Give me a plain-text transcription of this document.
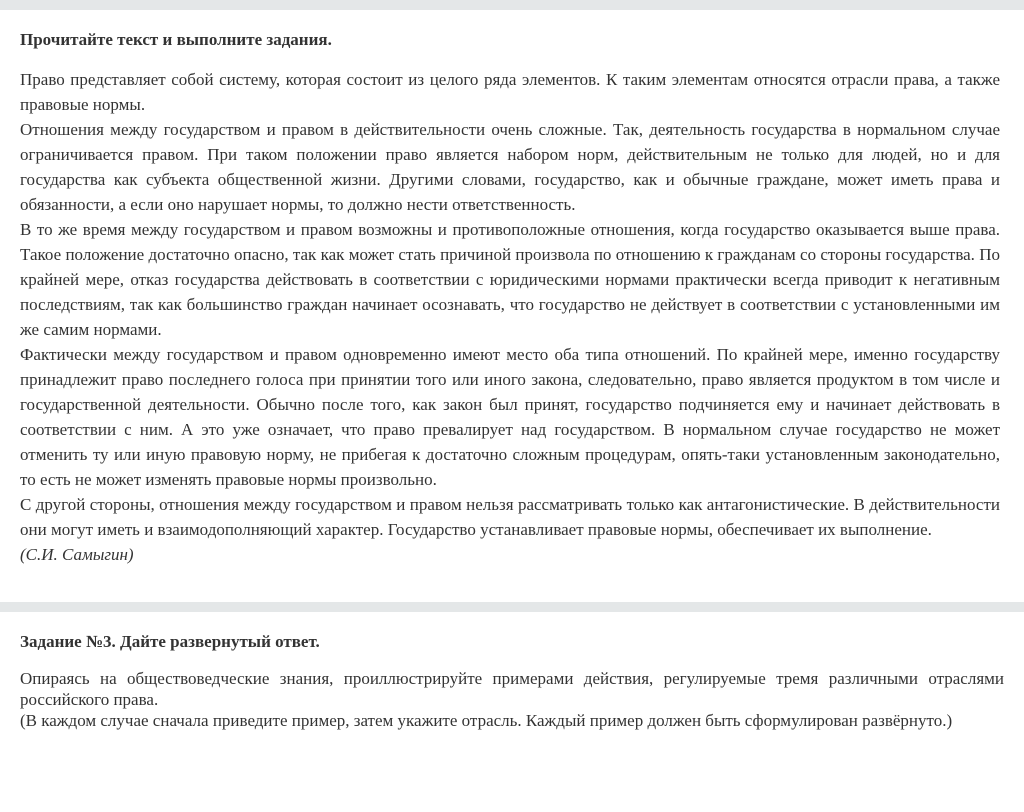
Прочитайте текст и выполните задания.

Право представляет собой систему, которая состоит из целого ряда элементов. К таким элементам относятся отрасли права, а также правовые нормы.

Отношения между государством и правом в действительности очень сложные. Так, деятельность государства в нормальном случае ограничивается правом. При таком положении право является набором норм, действительным не только для людей, но и для государства как субъекта общественной жизни. Другими словами, государство, как и обычные граждане, может иметь права и обязанности, а если оно нарушает нормы, то должно нести ответственность.

В то же время между государством и правом возможны и противоположные отношения, когда государство оказывается выше права. Такое положение достаточно опасно, так как может стать причиной произвола по отношению к гражданам со стороны государства. По крайней мере, отказ государства действовать в соответствии с юридическими нормами практически всегда приводит к негативным последствиям, так как большинство граждан начинает осознавать, что государство не действует в соответствии с установленными им же самим нормами.

Фактически между государством и правом одновременно имеют место оба типа отношений. По крайней мере, именно государству принадлежит право последнего голоса при принятии того или иного закона, следовательно, право является продуктом в том числе и государственной деятельности. Обычно после того, как закон был принят, государство подчиняется ему и начинает действовать в соответствии с ним. А это уже означает, что право превалирует над государством. В нормальном случае государство не может отменить ту или иную правовую норму, не прибегая к достаточно сложным процедурам, опять-таки установленным законодательно, то есть не может изменять правовые нормы произвольно.

С другой стороны, отношения между государством и правом нельзя рассматривать только как антагонистические. В действительности они могут иметь и взаимодополняющий характер. Государство устанавливает правовые нормы, обеспечивает их выполнение.

(С.И. Самыгин)

Задание №3. Дайте развернутый ответ.

Опираясь на обществоведческие знания, проиллюстрируйте примерами действия, регулируемые тремя различными отраслями российского права.

(В каждом случае сначала приведите пример, затем укажите отрасль. Каждый пример должен быть сформулирован развёрнуто.)
